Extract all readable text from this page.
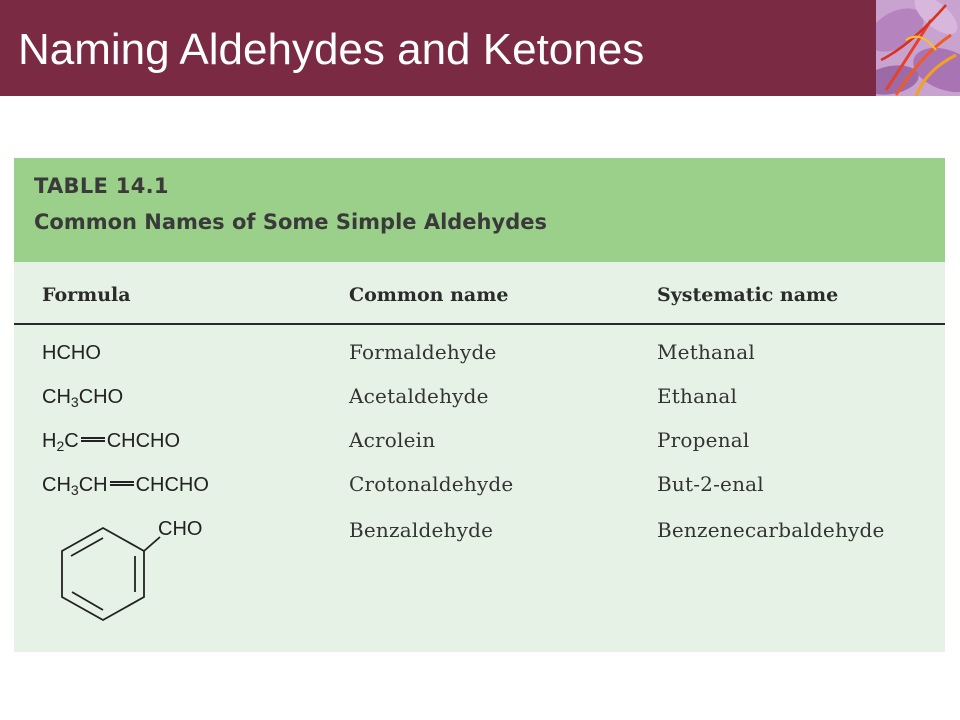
Naming Aldehydes and Ketones
TABLE 14.1
Common Names of Some Simple Aldehydes
Formula	Common name	Systematic name
HCHO	Formaldehyde	Methanal
$CH_3CHO$	Acetaldehyde	Ethanal
$H_2C$ CHCHO	Acrolein	Propenal
$CH_3CH$ CHCHO	Crotonaldehyde	But-2-enal
CHO	Benzaldehyde	Benzenecarbaldehyde
